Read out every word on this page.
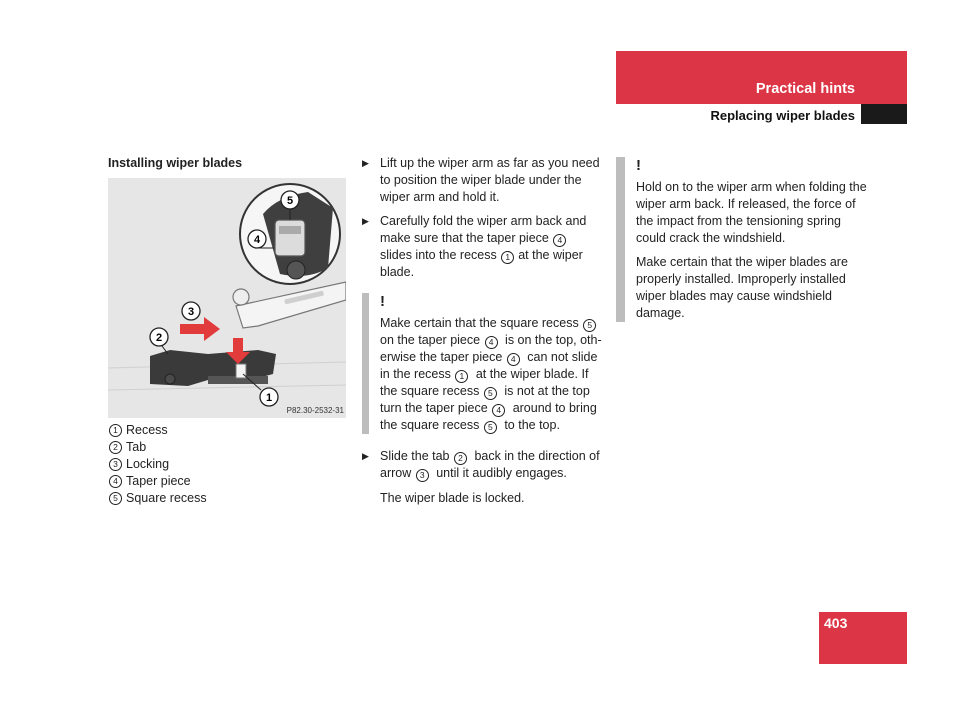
Practical hints
Replacing wiper blades
Installing wiper blades
5
4
3
2
1
P82.30-2532-31
1 Recess
2 Tab
3 Locking
4 Taper piece
5 Square recess
▶ Lift up the wiper arm as far as you need to position the wiper blade under the wiper arm and hold it.
▶ Carefully fold the wiper arm back and make sure that the taper piece 4slides into the recess 1 at the wiper blade.
!

Make certain that the square recess 5 on the taper piece 4 is on the top, oth-erwise the taper piece 4 can not slide in the recess 1 at the wiper blade. If the square recess 5 is not at the top turn the taper piece 4 around to bring the square recess 5 to the top.

▶ Slide the tab 2 back in the direction of arrow 3 until it audibly engages.
The wiper blade is locked.
!

Hold on to the wiper arm when folding the wiper arm back. If released, the force of the impact from the tensioning spring could crack the windshield.

Make certain that the wiper blades are properly installed. Improperly installed wiper blades may cause windshield damage.

403
